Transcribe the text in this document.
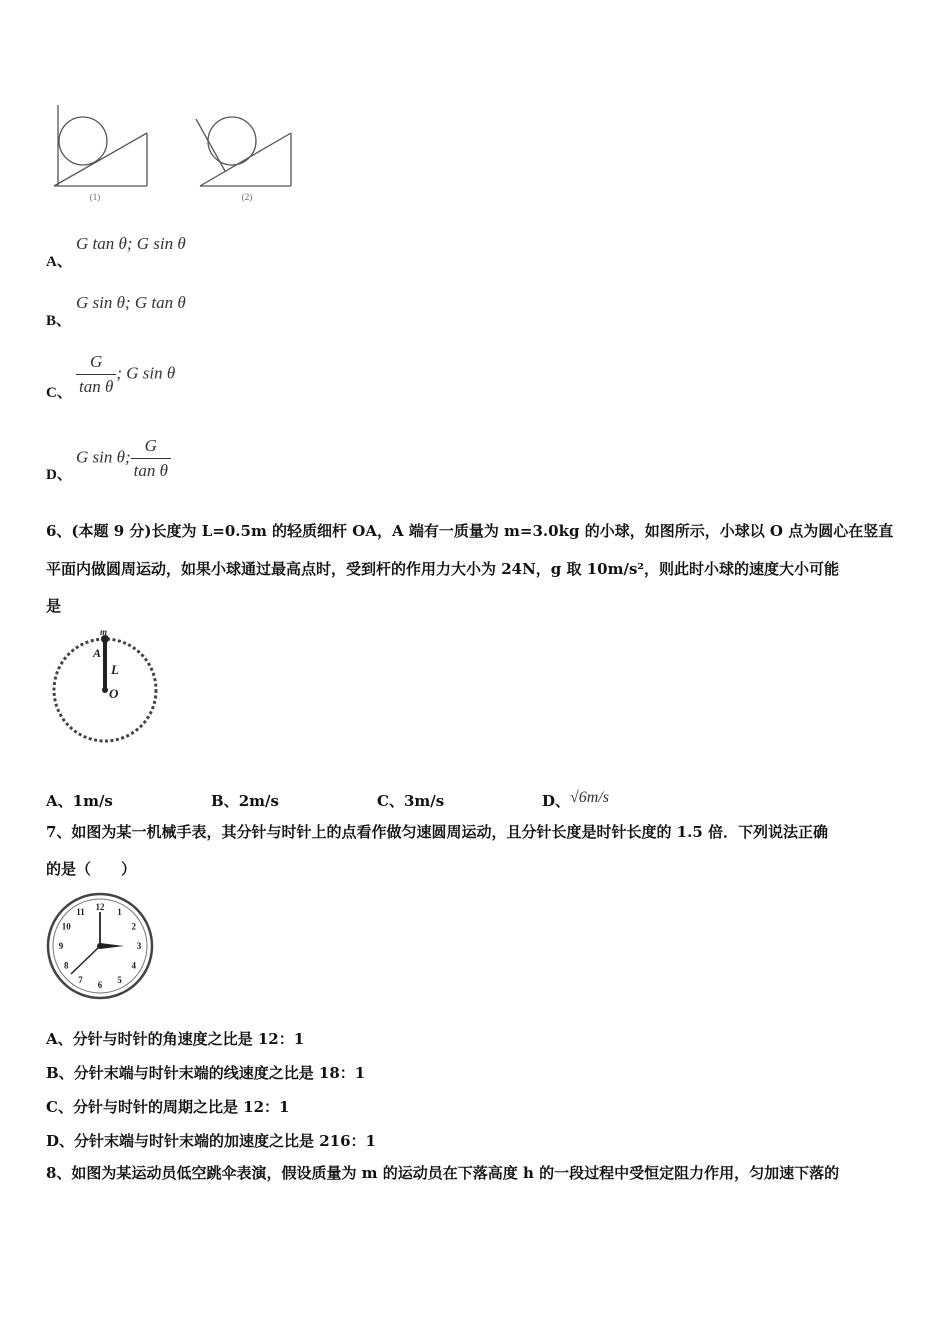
(1)	(2)
A、
G tan θ; G sin θ
B、
G sin θ; G tan θ
C、 $\frac{G}{\text{tan θ}}$ ; G sin θ
D、
G sin θ; $\frac{G}{\text{tan θ}}$
6、(本题 9 分)长度为 L=0.5m 的轻质细杆 OA，A 端有一质量为 m=3.0kg 的小球，如图所示，小球以 O 点为圆心在竖直
平面内做圆周运动，如果小球通过最高点时，受到杆的作用力大小为 24N，g 取 10m/s²，则此时小球的速度大小可能
是
m
A
L
O
A、1m/s	B、2m/s	C、3m/s	D、√6m/s
7、如图为某一机械手表，其分针与时针上的点看作做匀速圆周运动，且分针长度是时针长度的 1.5 倍．下列说法正确
的是（　　）
12
1
2
3
4
5
6
7
8
9
10
11
A、分针与时针的角速度之比是 12：1
B、分针末端与时针末端的线速度之比是 18：1
C、分针与时针的周期之比是 12：1
D、分针末端与时针末端的加速度之比是 216：1
8、如图为某运动员低空跳伞表演，假设质量为 m 的运动员在下落高度 h 的一段过程中受恒定阻力作用，匀加速下落的
